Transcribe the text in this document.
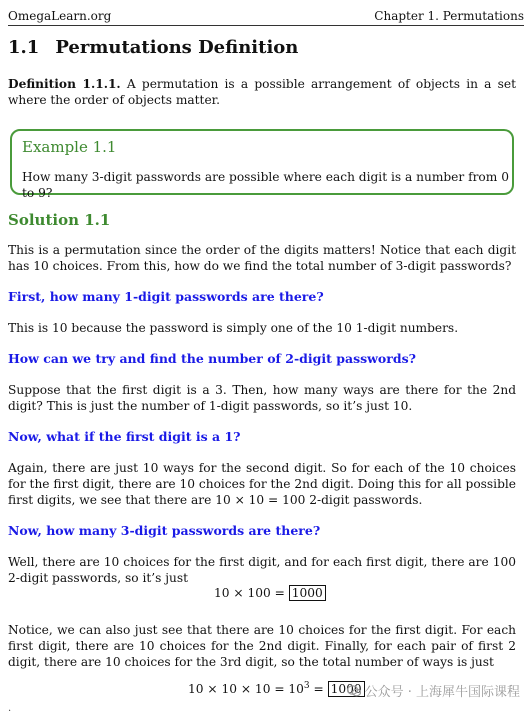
OmegaLearn.org	Chapter 1. Permutations
1.1 Permutations Definition
Definition 1.1.1. A permutation is a possible arrangement of objects in a set where the order of objects matter.
Example 1.1
How many 3-digit passwords are possible where each digit is a number from 0 to 9?
Solution 1.1
This is a permutation since the order of the digits matters! Notice that each digit has 10 choices. From this, how do we find the total number of 3-digit passwords?
First, how many 1-digit passwords are there?
This is 10 because the password is simply one of the 10 1-digit numbers.
How can we try and find the number of 2-digit passwords?
Suppose that the first digit is a 3. Then, how many ways are there for the 2nd digit? This is just the number of 1-digit passwords, so it’s just 10.
Now, what if the first digit is a 1?
Again, there are just 10 ways for the second digit. So for each of the 10 choices for the first digit, there are 10 choices for the 2nd digit. Doing this for all possible first digits, we see that there are 10 × 10 = 100 2-digit passwords.
Now, how many 3-digit passwords are there?
Well, there are 10 choices for the first digit, and for each first digit, there are 100 2-digit passwords, so it’s just
10 × 100 = 1000
Notice, we can also just see that there are 10 choices for the first digit. For each first digit, there are 10 choices for the 2nd digit. Finally, for each pair of first 2 digit, there are 10 choices for the 3rd digit, so the total number of ways is just
$10 \times 10 \times 10 = 10^3 = 1000$ 公众号 · 上海犀牛国际课程
.
